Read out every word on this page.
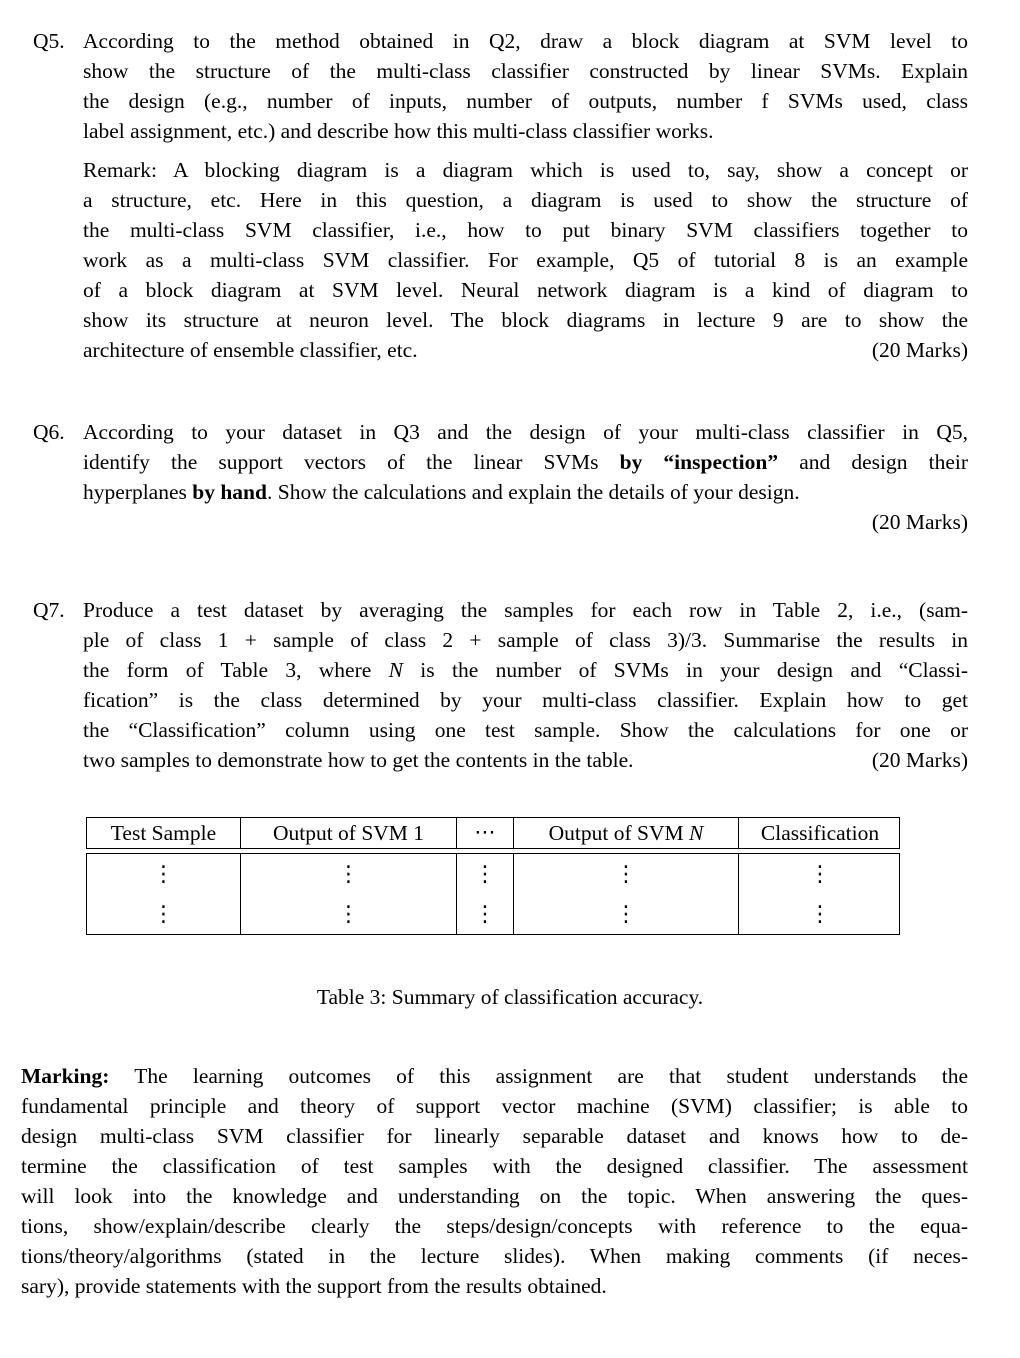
Q5. According to the method obtained in Q2, draw a block diagram at SVM level to
show the structure of the multi-class classifier constructed by linear SVMs. Explain
the design (e.g., number of inputs, number of outputs, number f SVMs used, class
label assignment, etc.) and describe how this multi-class classifier works.
Remark: A blocking diagram is a diagram which is used to, say, show a concept or
a structure, etc. Here in this question, a diagram is used to show the structure of
the multi-class SVM classifier, i.e., how to put binary SVM classifiers together to
work as a multi-class SVM classifier. For example, Q5 of tutorial 8 is an example
of a block diagram at SVM level. Neural network diagram is a kind of diagram to
show its structure at neuron level. The block diagrams in lecture 9 are to show the
architecture of ensemble classifier, etc.	(20 Marks)
Q6. According to your dataset in Q3 and the design of your multi-class classifier in Q5,
identify the support vectors of the linear SVMs by “inspection” and design their
hyperplanes by hand. Show the calculations and explain the details of your design.
(20 Marks)
Q7. Produce a test dataset by averaging the samples for each row in Table 2, i.e., (sam-
ple of class 1 + sample of class 2 + sample of class 3)/3. Summarise the results in
the form of Table 3, where N is the number of SVMs in your design and “Classi-
fication” is the class determined by your multi-class classifier. Explain how to get
the “Classification” column using one test sample. Show the calculations for one or
two samples to demonstrate how to get the contents in the table.	(20 Marks)
Test Sample	Output of SVM 1	⋯	Output of SVM N	Classification
⋮	⋮	⋮	⋮	⋮
⋮	⋮	⋮	⋮	⋮
Table 3: Summary of classification accuracy.
Marking: The learning outcomes of this assignment are that student understands the
fundamental principle and theory of support vector machine (SVM) classifier; is able to
design multi-class SVM classifier for linearly separable dataset and knows how to de-
termine the classification of test samples with the designed classifier. The assessment
will look into the knowledge and understanding on the topic. When answering the ques-
tions, show/explain/describe clearly the steps/design/concepts with reference to the equa-
tions/theory/algorithms (stated in the lecture slides). When making comments (if neces-
sary), provide statements with the support from the results obtained.
